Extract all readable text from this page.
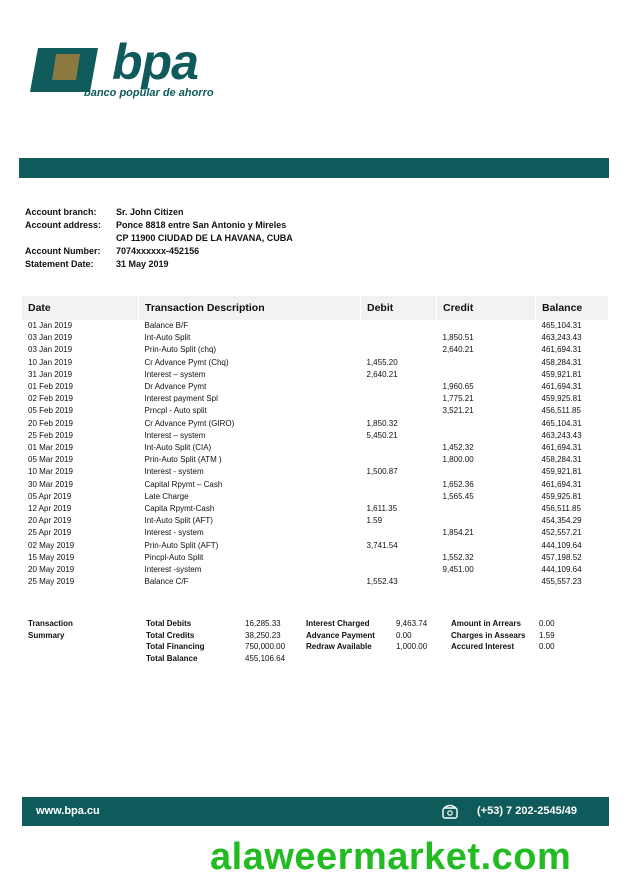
bpa
banco popular de ahorro
Account branch:	Sr. John Citizen
Account address:	Ponce 8818 entre San Antonio y Mireles
CP 11900 CIUDAD DE LA HAVANA, CUBA
Account Number:	7074xxxxxx-452156
Statement Date:	31 May 2019
Date	Transaction Description	Debit	Credit	Balance
01 Jan 2019	Balance B/F			465,104.31
03 Jan 2019	Int-Auto Split		1,850.51	463,243.43
03 Jan 2019	Prin-Auto Split (chq)		2,640.21	461,694.31
10 Jan 2019	Cr Advance Pymt (Chq)	1,455.20		458,284.31
31 Jan 2019	Interest – system	2,640.21		459,921.81
01 Feb 2019	Dr Advance Pymt		1,960.65	461,694.31
02 Feb 2019	Interest payment Spl		1,775.21	459,925.81
05 Feb 2019	Prncpl - Auto split		3,521.21	456,511.85
20 Feb 2019	Cr Advance Pymt (GIRO)	1,850.32		465,104.31
25 Feb 2019	Interest – system	5,450.21		463,243.43
01 Mar 2019	Int-Auto Split (CIA)		1,452.32	461,694.31
05 Mar 2019	Prin-Auto Split (ATM )		1,800.00	458,284.31
10 Mar 2019	Interest - system	1,500.87		459,921.81
30 Mar 2019	Capital Rpymt – Cash		1,652.36	461,694.31
05 Apr 2019	Late Charge		1,565.45	459,925.81
12 Apr 2019	Capita Rpymt-Cash	1,611.35		456,511.85
20 Apr 2019	Int-Auto Split (AFT)	1.59		454,354.29
25 Apr 2019	Interest - system		1,854.21	452,557.21
02 May 2019	Prin-Auto Split (AFT)	3,741.54		444,109.64
15 May 2019	Pincpl-Auto Split		1,552.32	457,198.52
20 May 2019	Interest -system		9,451.00	444,109.64
25 May 2019	Balance C/F	1,552.43		455,557.23
Transaction
Summary
Total Debits	16,285.33
Total Credits	38,250.23
Total Financing	750,000.00
Total Balance	455,106.64
Interest Charged	9,463.74
Advance Payment	0.00
Redraw Available	1,000.00
Amount in Arrears 0.00
Charges in Assears 1.59
Accured Interest	0.00
www.bpa.cu	(+53) 7 202-2545/49
alaweermarket.com
